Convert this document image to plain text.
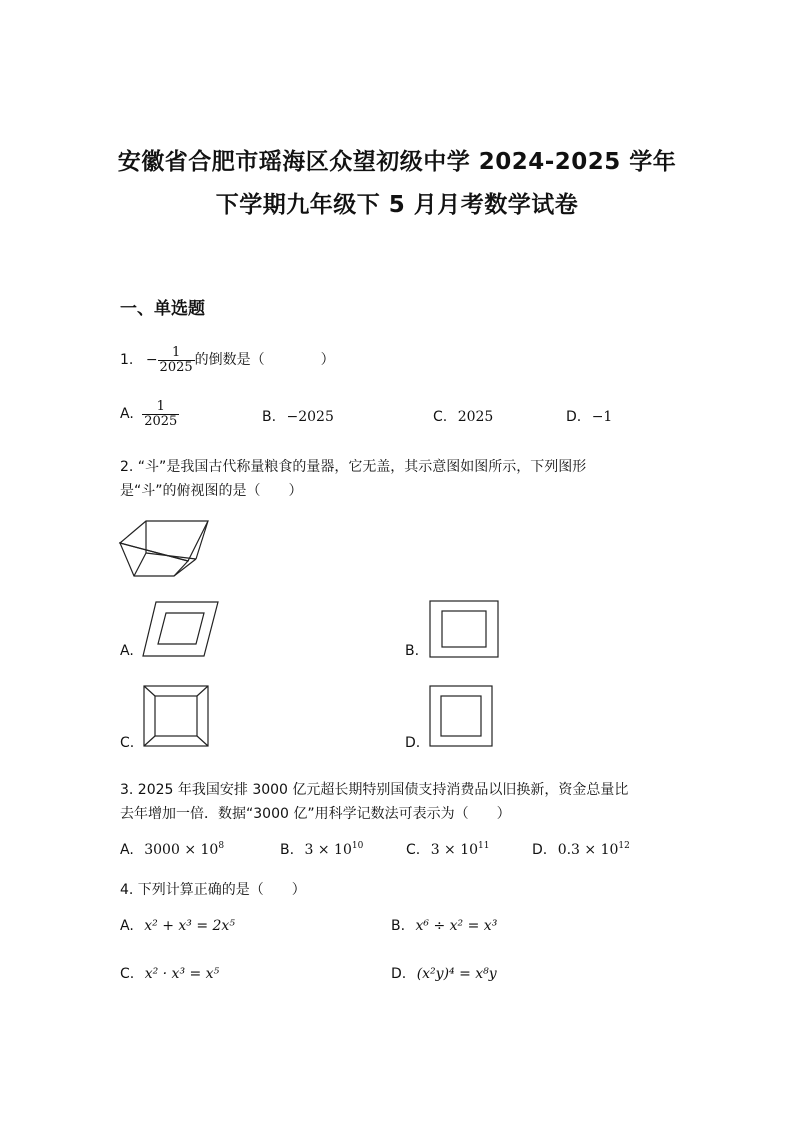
安徽省合肥市瑶海区众望初级中学 2024-2025 学年
下学期九年级下 5 月月考数学试卷
一、单选题
1. − $\frac{1}{2025}$ 的倒数是（　　　　）
A. $\frac{1}{2025}$	B. −2025	C. 2025	D. −1
2. “斗”是我国古代称量粮食的量器，它无盖，其示意图如图所示，下列图形
是“斗”的俯视图的是（　　）
A.	B.
C.	D.
3. 2025 年我国安排 3000 亿元超长期特别国债支持消费品以旧换新，资金总量比
去年增加一倍．数据“3000 亿”用科学记数法可表示为（　　）
A. $3000 \times 10^8$	B. $3 \times 10^{10}$	C. $3 \times 10^{11}$	D. $0.3 \times 10^{12}$
4. 下列计算正确的是（　　）
A. x² + x³ = 2x⁵	B. x⁶ ÷ x² = x³
C. x² · x³ = x⁵	D. (x²y)⁴ = x⁸y
